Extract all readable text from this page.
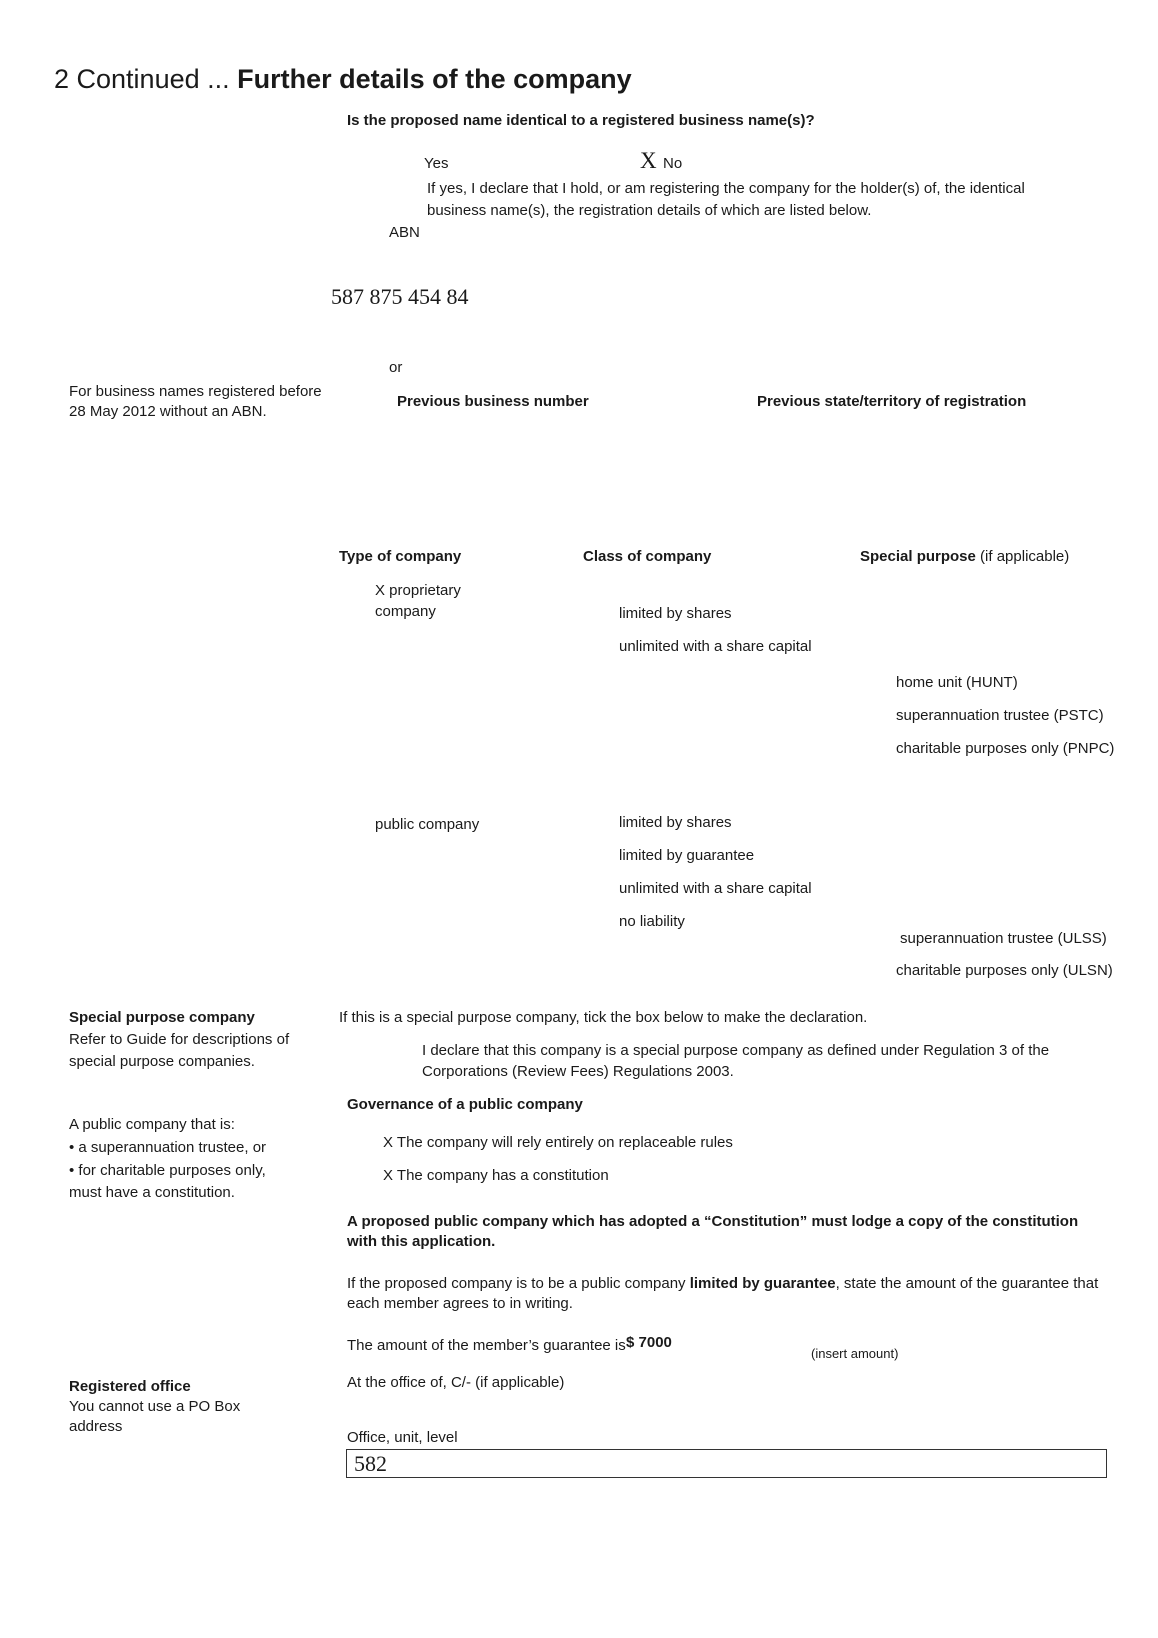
2 Continued ... Further details of the company
Is the proposed name identical to a registered business name(s)?
Yes	X No
If yes, I declare that I hold, or am registering the company for the holder(s) of, the identical
business name(s), the registration details of which are listed below.
ABN
587 875 454 84
or
For business names registered before
28 May 2012 without an ABN.
Previous business number	Previous state/territory of registration
Type of company	Class of company	Special purpose (if applicable)
X proprietary
company	limited by shares
unlimited with a share capital
home unit (HUNT)
superannuation trustee (PSTC)
charitable purposes only (PNPC)
public company	limited by shares
limited by guarantee
unlimited with a share capital
no liability
superannuation trustee (ULSS)
charitable purposes only (ULSN)
Special purpose company
Refer to Guide for descriptions of
special purpose companies.
If this is a special purpose company, tick the box below to make the declaration.
I declare that this company is a special purpose company as defined under Regulation 3 of the
Corporations (Review Fees) Regulations 2003.
A public company that is:
• a superannuation trustee, or
• for charitable purposes only,
must have a constitution.
Governance of a public company
X The company will rely entirely on replaceable rules
X The company has a constitution
A proposed public company which has adopted a “Constitution” must lodge a copy of the constitution
with this application.
If the proposed company is to be a public company limited by guarantee, state the amount of the guarantee that
each member agrees to in writing.
The amount of the member’s guarantee is $ 7000
(insert amount)
Registered office
You cannot use a PO Box
address
At the office of, C/- (if applicable)
Office, unit, level
582
